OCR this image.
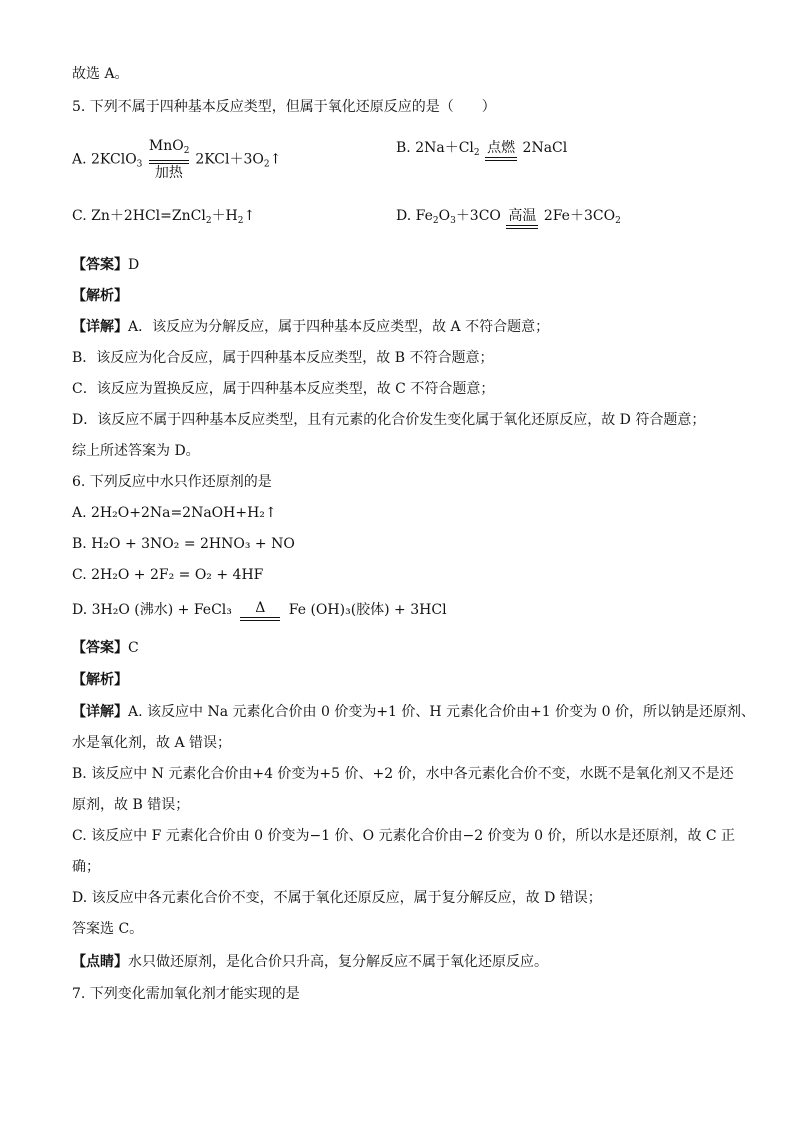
故选 A。
5. 下列不属于四种基本反应类型，但属于氧化还原反应的是（　　）
A. 2KClO$_3$
MnO$_2$
加热
$2KCl+3O_2↑$
B. $2Na+Cl_2$ 点燃 2NaCl
C. $Zn+2HCl=ZnCl_2+H_2↑$	D. $Fe_2O_3+3CO$ 高温 $2Fe+3CO_2$
【答案】D
【解析】
【详解】A．该反应为分解反应，属于四种基本反应类型，故 A 不符合题意；
B．该反应为化合反应，属于四种基本反应类型，故 B 不符合题意；
C．该反应为置换反应，属于四种基本反应类型，故 C 不符合题意；
D．该反应不属于四种基本反应类型，且有元素的化合价发生变化属于氧化还原反应，故 D 符合题意；
综上所述答案为 D。
6. 下列反应中水只作还原剂的是
A. 2H₂O+2Na=2NaOH+H₂↑
B. H₂O + 3NO₂ = 2HNO₃ + NO
C. 2H₂O + 2F₂ = O₂ + 4HF
D. 3H₂O (沸水) + FeCl₃	Δ	Fe (OH)₃(胶体) + 3HCl
【答案】C
【解析】
【详解】A. 该反应中 Na 元素化合价由 0 价变为+1 价、H 元素化合价由+1 价变为 0 价，所以钠是还原剂、
水是氧化剂，故 A 错误；
B. 该反应中 N 元素化合价由+4 价变为+5 价、+2 价，水中各元素化合价不变，水既不是氧化剂又不是还
原剂，故 B 错误；
C. 该反应中 F 元素化合价由 0 价变为−1 价、O 元素化合价由−2 价变为 0 价，所以水是还原剂，故 C 正
确；
D. 该反应中各元素化合价不变，不属于氧化还原反应，属于复分解反应，故 D 错误；
答案选 C。
【点睛】水只做还原剂，是化合价只升高，复分解反应不属于氧化还原反应。
7. 下列变化需加氧化剂才能实现的是
